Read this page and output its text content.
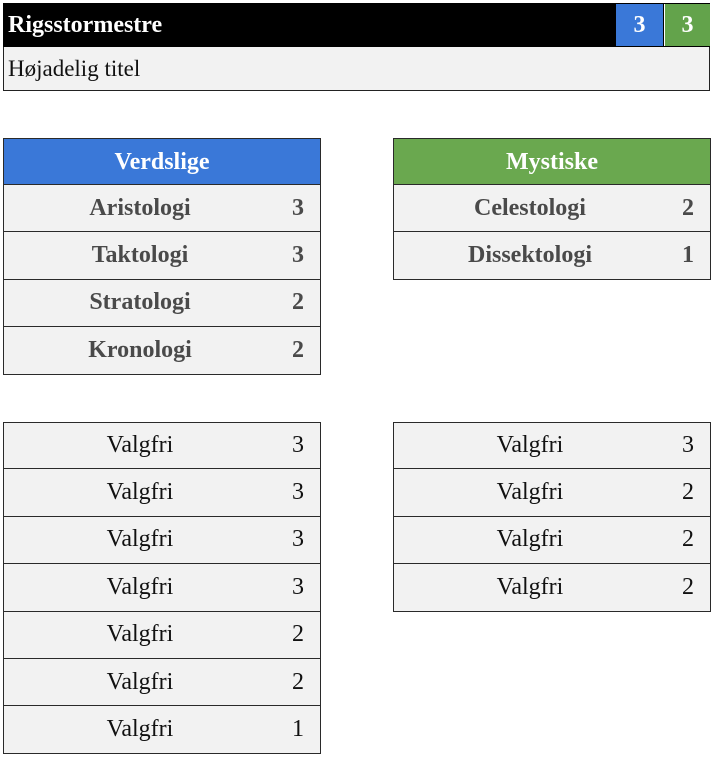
Rigsstormestre	3	3
Højadelig titel
Verdslige
Aristologi	3
Taktologi	3
Stratologi	2
Kronologi	2
Mystiske
Celestologi	2
Dissektologi	1
Valgfri	3
Valgfri	3
Valgfri	3
Valgfri	3
Valgfri	2
Valgfri	2
Valgfri	1
Valgfri	3
Valgfri	2
Valgfri	2
Valgfri	2
